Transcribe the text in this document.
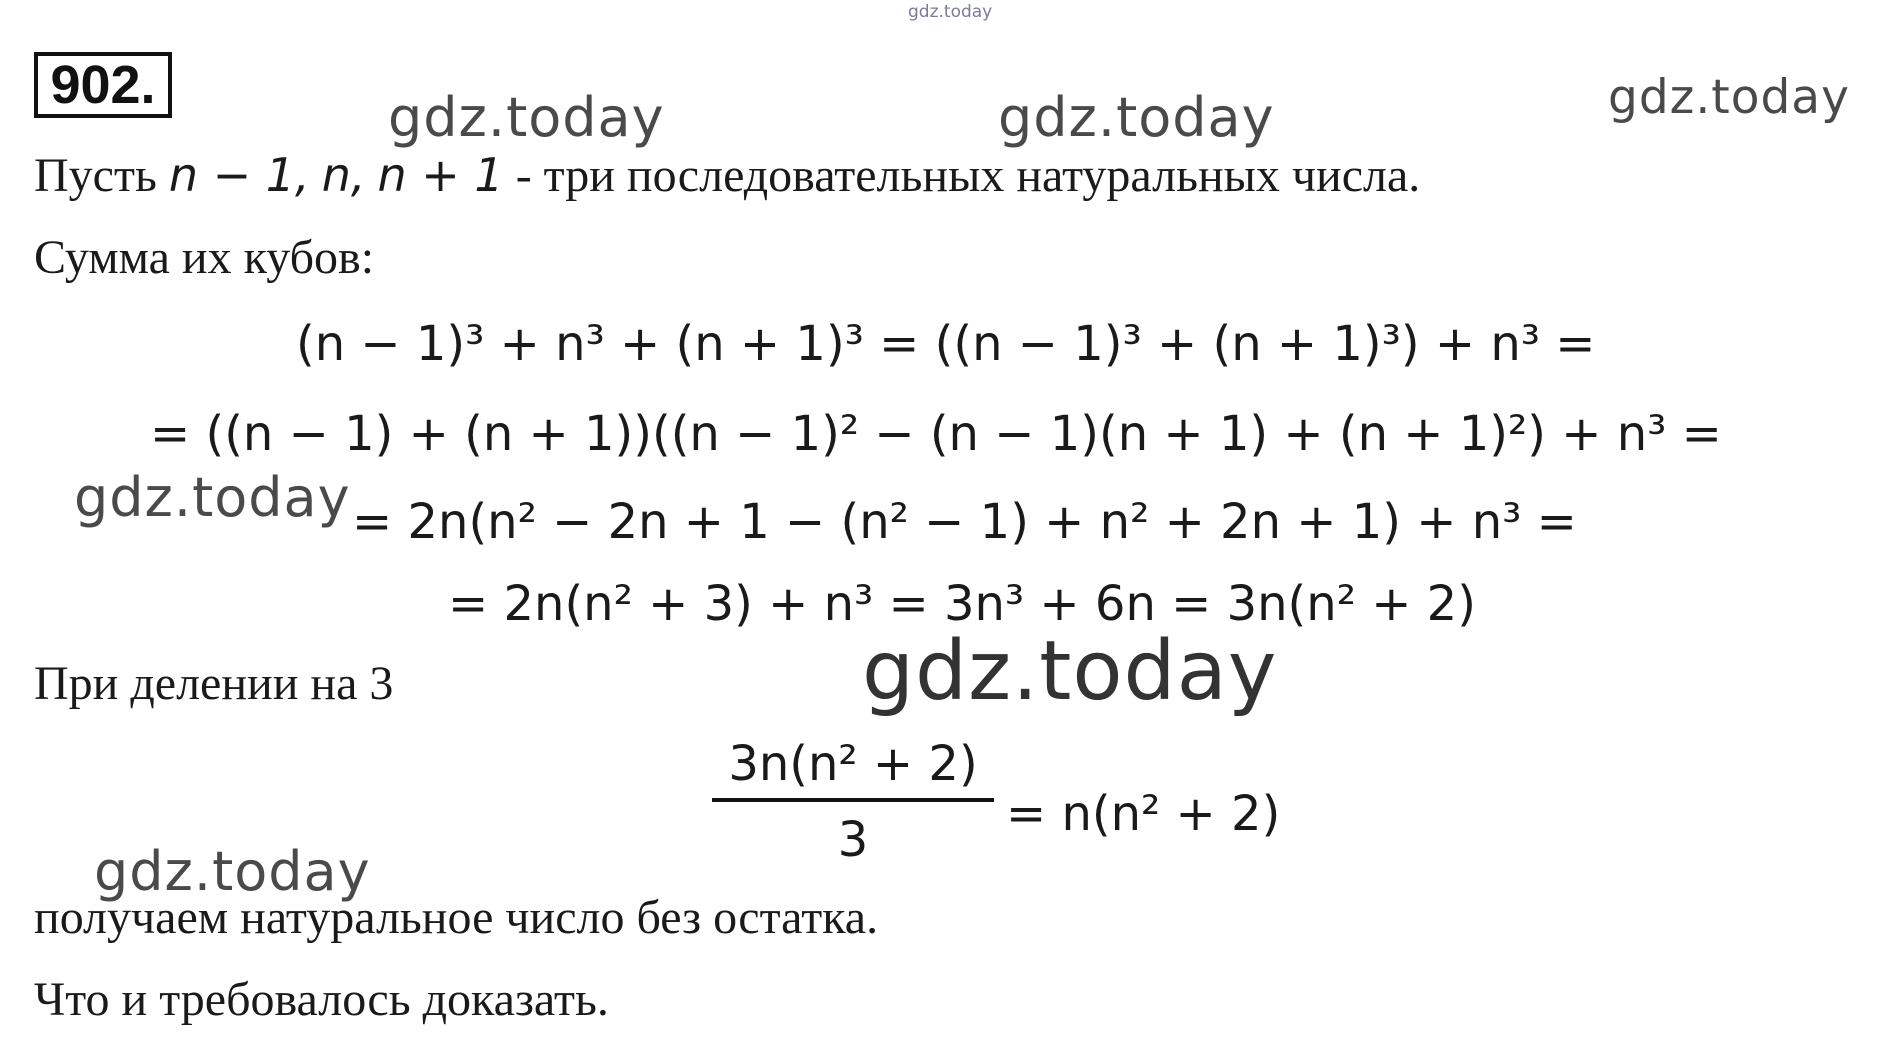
902.
gdz.today
gdz.today	gdz.today	gdz.today
Пусть n − 1, n, n + 1 - три последовательных натуральных числа.
Сумма их кубов:
(n − 1)³ + n³ + (n + 1)³ = ((n − 1)³ + (n + 1)³) + n³ =
= ((n − 1) + (n + 1))((n − 1)² − (n − 1)(n + 1) + (n + 1)²) + n³ =
= 2n(n² − 2n + 1 − (n² − 1) + n² + 2n + 1) + n³ =
= 2n(n² + 3) + n³ = 3n³ + 6n = 3n(n² + 2)
gdz.today
При делении на 3	gdz.today
3n(n² + 2)
3	= n(n² + 2)
gdz.today
получаем натуральное число без остатка.
Что и требовалось доказать.
